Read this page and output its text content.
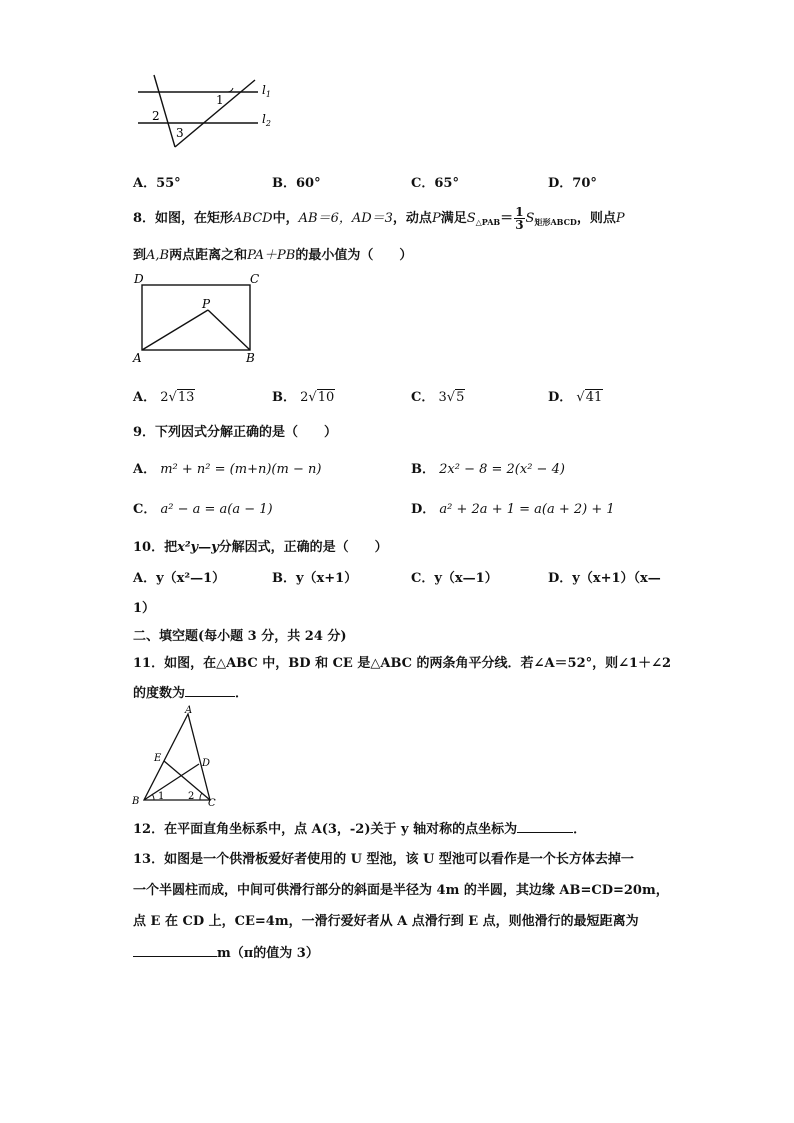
$l_1$
$l_2$
1
2
3
A．55°	B．60°	C．65°	D．70°
8．如图，在矩形ABCD中，AB＝6，AD＝3，动点P满足$S_{\triangle PAB}= \frac{1}{3} S_{矩形ABCD}$，则点P
到A,B两点距离之和PA＋PB的最小值为（　　）
D	C
P
A	B
A． 2√13	B． 2√10	C． 3√5	D． √41
9．下列因式分解正确的是（　　）
A． m² + n² = (m+n)(m − n)	B． 2x² − 8 = 2(x² − 4)
C． a² − a = a(a − 1)	D． a² + 2a + 1 = a(a + 2) + 1
10．把x²y—y分解因式，正确的是（　　）
A．y（x²—1）	B．y（x+1）	C．y（x—1）	D．y（x+1）（x—
1）
二、填空题(每小题 3 分，共 24 分)
11．如图，在△ABC 中，BD 和 CE 是△ABC 的两条角平分线．若∠A＝52°，则∠1＋∠2
的度数为	．
A
E	D
B	C
1 2
12．在平面直角坐标系中，点 A(3，-2)关于 y 轴对称的点坐标为	．
13．如图是一个供滑板爱好者使用的 U 型池，该 U 型池可以看作是一个长方体去掉一
一个半圆柱而成，中间可供滑行部分的斜面是半径为 4m 的半圆，其边缘 AB=CD=20m，
点 E 在 CD 上，CE=4m，一滑行爱好者从 A 点滑行到 E 点，则他滑行的最短距离为
m（π的值为 3）
